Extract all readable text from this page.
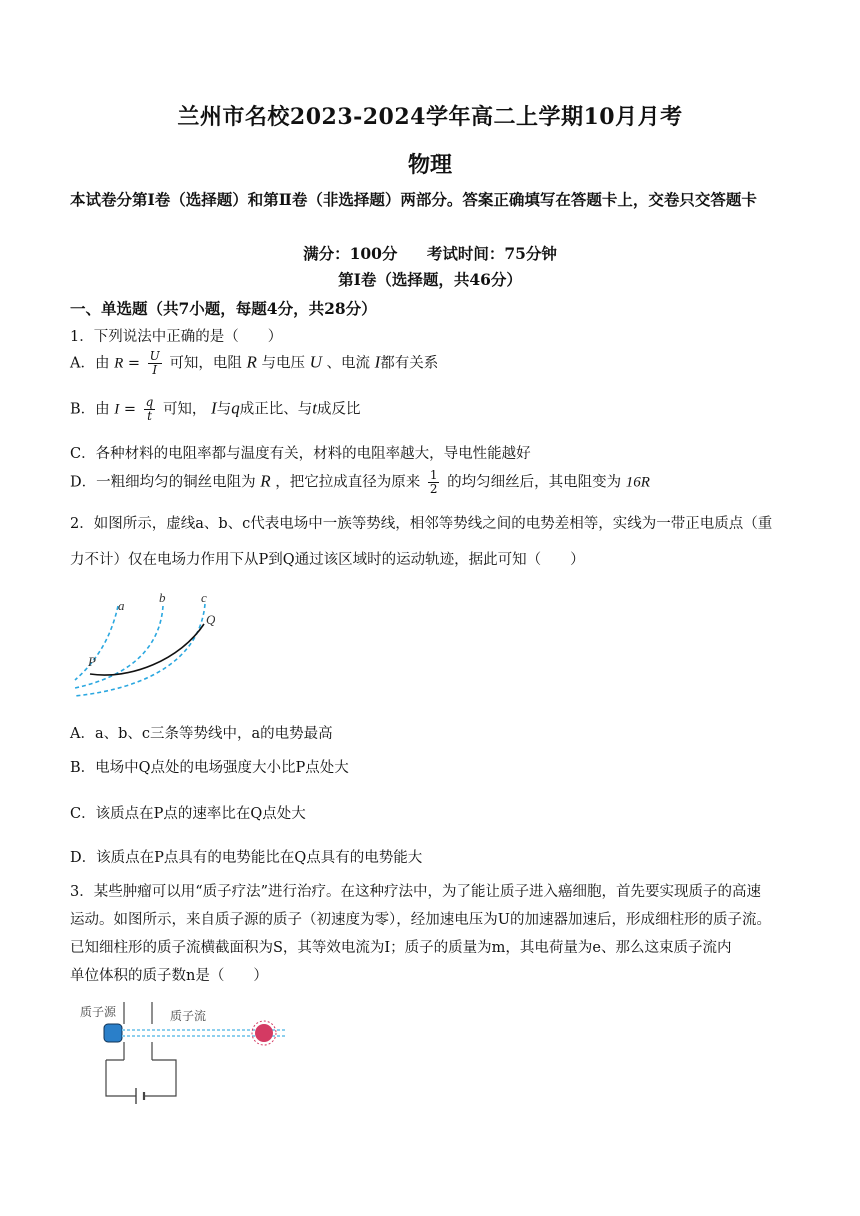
兰州市名校2023-2024学年高二上学期10月月考
物理
本试卷分第Ⅰ卷（选择题）和第Ⅱ卷（非选择题）两部分。答案正确填写在答题卡上，交卷只交答题卡
满分：100分 考试时间：75分钟
第Ⅰ卷（选择题，共46分）
一、单选题（共7小题，每题4分，共28分）
1．下列说法中正确的是（　　）
A．由 $R = \frac{U}{I}$ 可知，电阻 R 与电压 U 、电流 I都有关系
B．由 $I = \frac{q}{t}$ 可知， I与q成正比、与t成反比
C．各种材料的电阻率都与温度有关，材料的电阻率越大，导电性能越好
D．一粗细均匀的铜丝电阻为 R ，把它拉成直径为原来 $\frac{1}{2}$ 的均匀细丝后，其电阻变为 16R
2．如图所示，虚线a、b、c代表电场中一族等势线，相邻等势线之间的电势差相等，实线为一带正电质点（重
力不计）仅在电场力作用下从P到Q通过该区域时的运动轨迹，据此可知（　　）
a
b	c
P
Q
A．a、b、c三条等势线中，a的电势最高
B．电场中Q点处的电场强度大小比P点处大
C．该质点在P点的速率比在Q点处大
D．该质点在P点具有的电势能比在Q点具有的电势能大
3．某些肿瘤可以用“质子疗法”进行治疗。在这种疗法中，为了能让质子进入癌细胞，首先要实现质子的高速
运动。如图所示，来自质子源的质子（初速度为零），经加速电压为U的加速器加速后，形成细柱形的质子流。
已知细柱形的质子流横截面积为S，其等效电流为I；质子的质量为m，其电荷量为e、那么这束质子流内
单位体积的质子数n是（　　）
质子源	质子流
